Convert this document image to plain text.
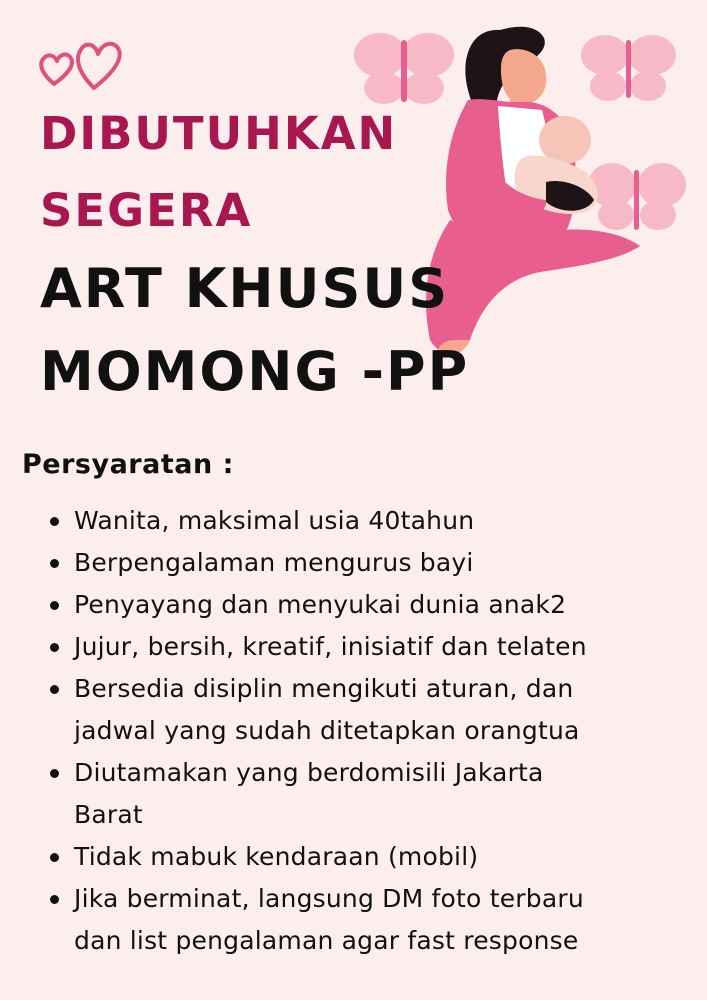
DIBUTUHKAN
SEGERA
ART KHUSUS
MOMONG -PP
Persyaratan :
Wanita, maksimal usia 40tahun
Berpengalaman mengurus bayi
Penyayang dan menyukai dunia anak2
Jujur, bersih, kreatif, inisiatif dan telaten
Bersedia disiplin mengikuti aturan, dan
jadwal yang sudah ditetapkan orangtua
Diutamakan yang berdomisili Jakarta
Barat
Tidak mabuk kendaraan (mobil)
Jika berminat, langsung DM foto terbaru
dan list pengalaman agar fast response
